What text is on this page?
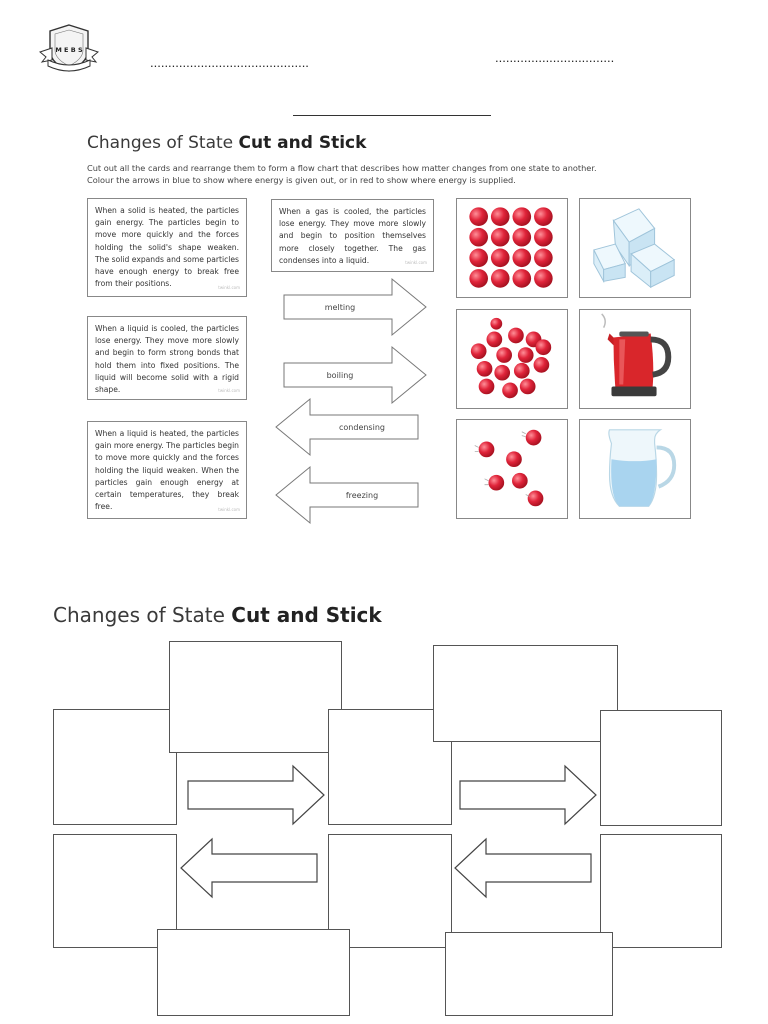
M E B S
............................................	.................................
Changes of State Cut and Stick
Cut out all the cards and rearrange them to form a flow chart that describes how matter changes from one state to another.
Colour the arrows in blue to show where energy is given out, or in red to show where energy is supplied.
When a solid is heated, the particles gain energy. The particles begin to move more quickly and the forces holding the solid's shape weaken. The solid expands and some particles have enough energy to break free from their positions.	twinkl.com
When a gas is cooled, the particles lose energy. They move more slowly and begin to position themselves more closely together. The gas condenses into a liquid.	twinkl.com
When a liquid is cooled, the particles lose energy. They move more slowly and begin to form strong bonds that hold them into fixed positions. The liquid will become solid with a rigid shape.	twinkl.com
When a liquid is heated, the particles gain more energy. The particles begin to move more quickly and the forces holding the liquid weaken. When the particles gain enough energy at certain temperatures, they break free.	twinkl.com
melting
boiling
condensing
freezing
Changes of State Cut and Stick
